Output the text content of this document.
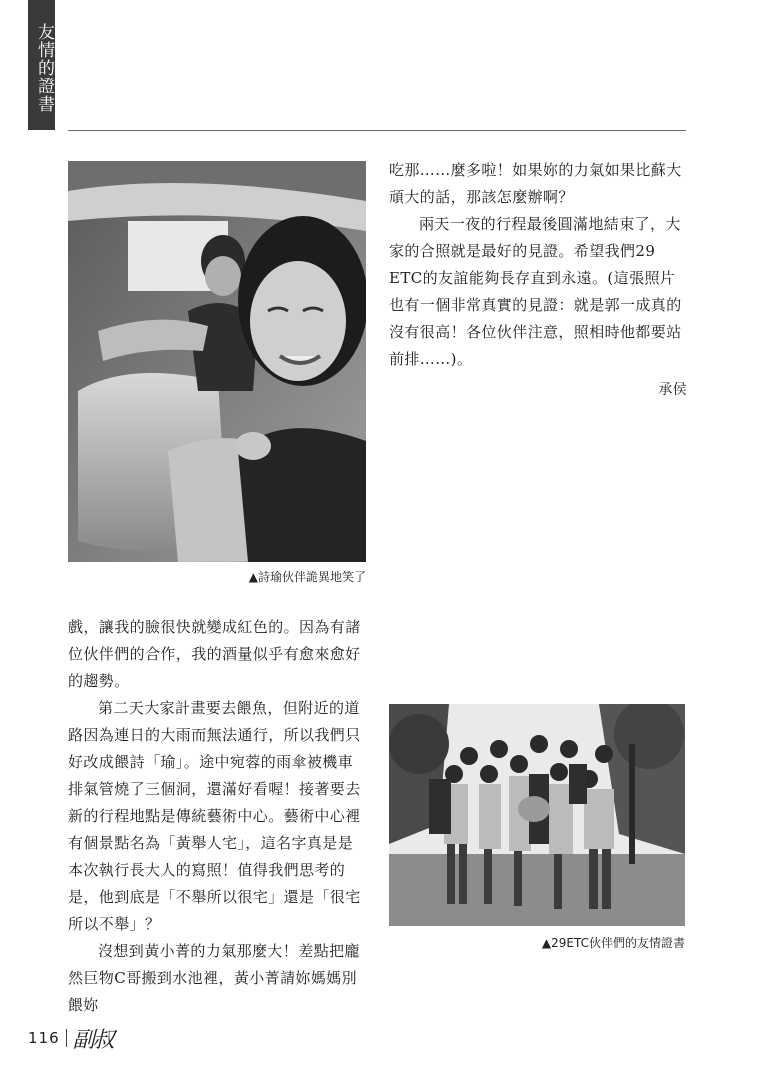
友情的證書
▲詩瑜伙伴詭異地笑了

吃那……麼多啦！如果妳的力氣如果比蘇大頑大的話，那該怎麼辦啊？

兩天一夜的行程最後圓滿地結束了，大家的合照就是最好的見證。希望我們29 ETC的友誼能夠長存直到永遠。(這張照片也有一個非常真實的見證：就是郭一成真的沒有很高！各位伙伴注意，照相時他都要站前排……)。

承侯

戲，讓我的臉很快就變成紅色的。因為有諸位伙伴們的合作，我的酒量似乎有愈來愈好的趨勢。

第二天大家計畫要去餵魚，但附近的道路因為連日的大雨而無法通行，所以我們只好改成餵詩「瑜」。途中宛蓉的雨傘被機車排氣管燒了三個洞，還滿好看喔！接著要去新的行程地點是傳統藝術中心。藝術中心裡有個景點名為「黃舉人宅」，這名字真是是本次執行長大人的寫照！值得我們思考的是，他到底是「不舉所以很宅」還是「很宅所以不舉」？

沒想到黃小菁的力氣那麼大！差點把龐然巨物C哥搬到水池裡，黃小菁請妳媽媽別餵妳

▲29ETC伙伴們的友情證書
116 副叔
